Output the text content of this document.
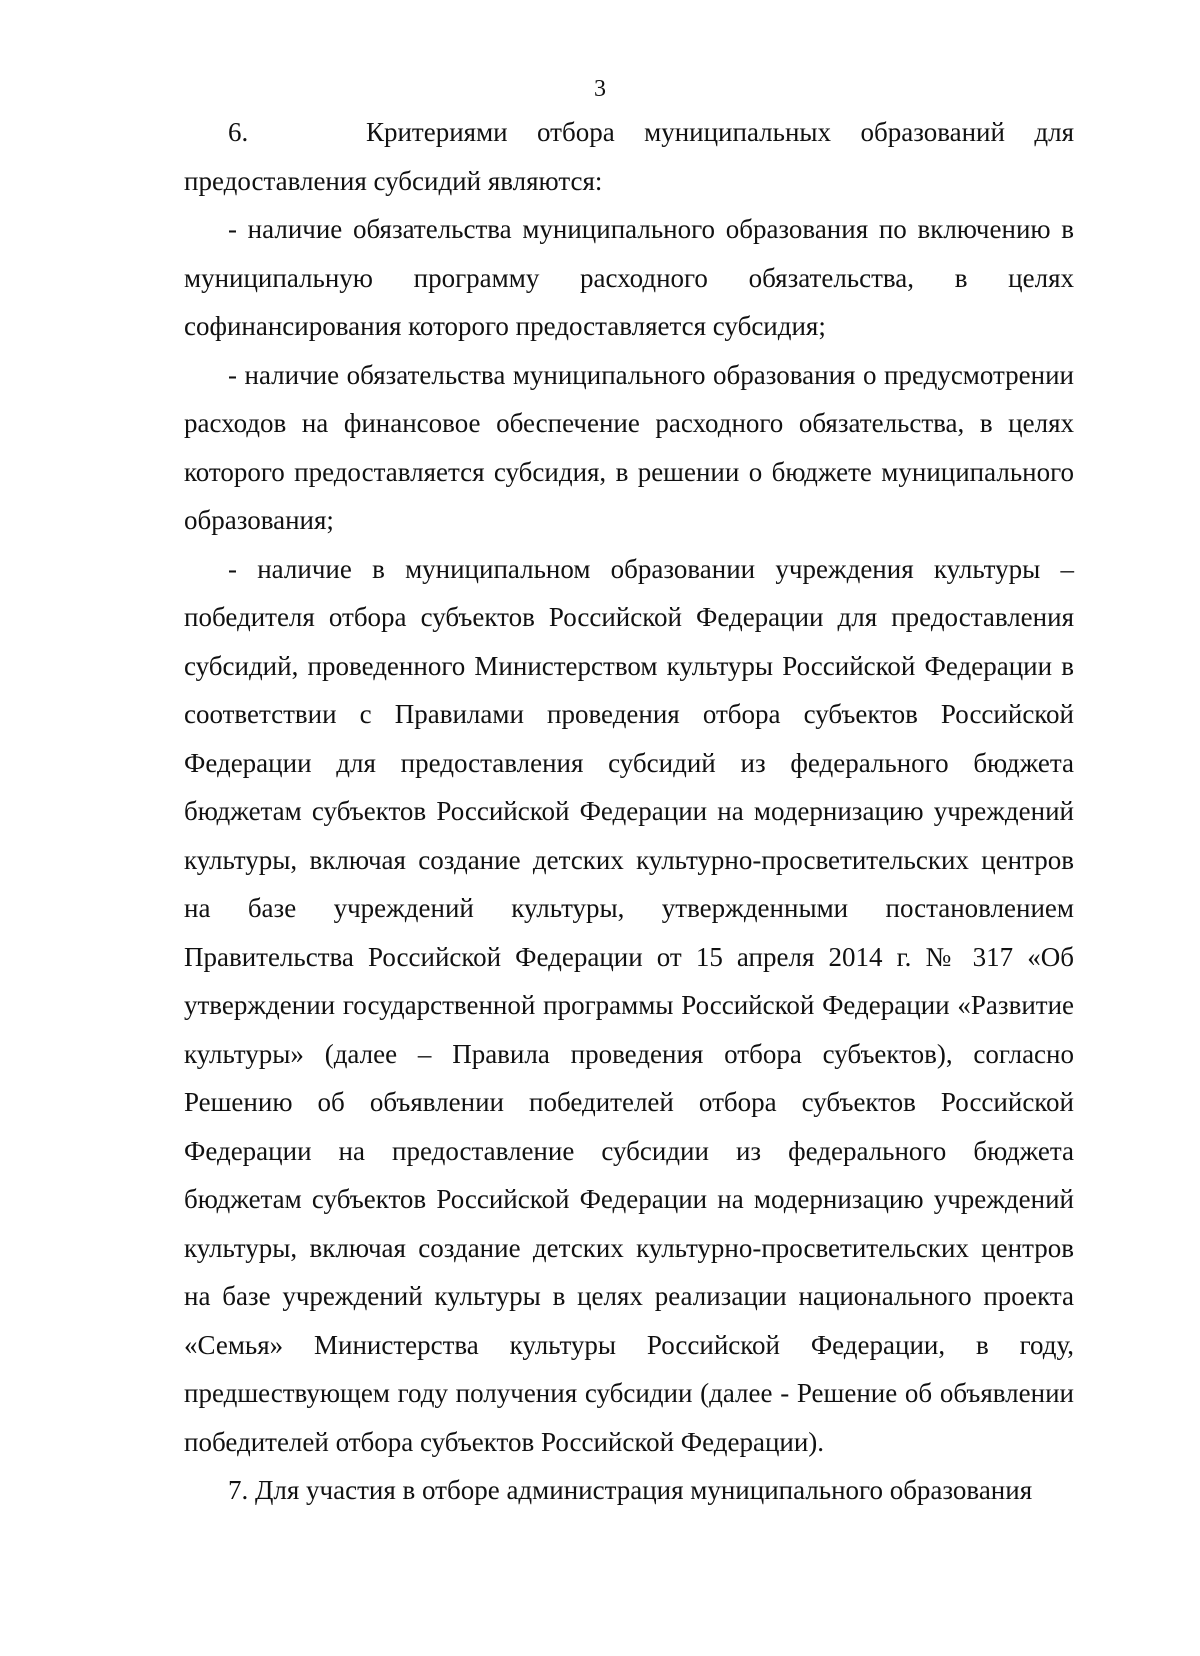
3

6.    Критериями отбора муниципальных образований для предоставления субсидий являются:

- наличие обязательства муниципального образования по включению в муниципальную программу расходного обязательства, в целях софинансирования которого предоставляется субсидия;

- наличие обязательства муниципального образования о предусмотрении расходов на финансовое обеспечение расходного обязательства, в целях которого предоставляется субсидия, в решении о бюджете муниципального образования;

- наличие в муниципальном образовании учреждения культуры – победителя отбора субъектов Российской Федерации для предоставления субсидий, проведенного Министерством культуры Российской Федерации в соответствии с Правилами проведения отбора субъектов Российской Федерации для предоставления субсидий из федерального бюджета бюджетам субъектов Российской Федерации на модернизацию учреждений культуры, включая создание детских культурно-просветительских центров на базе учреждений культуры, утвержденными постановлением Правительства Российской Федерации от 15 апреля 2014 г. № 317 «Об утверждении государственной программы Российской Федерации «Развитие культуры» (далее – Правила проведения отбора субъектов), согласно Решению об объявлении победителей отбора субъектов Российской Федерации на предоставление субсидии из федерального бюджета бюджетам субъектов Российской Федерации на модернизацию учреждений культуры, включая создание детских культурно-просветительских центров на базе учреждений культуры в целях реализации национального проекта «Семья» Министерства культуры Российской Федерации, в году, предшествующем году получения субсидии (далее - Решение об объявлении победителей отбора субъектов Российской Федерации).

7. Для участия в отборе администрация муниципального образования
